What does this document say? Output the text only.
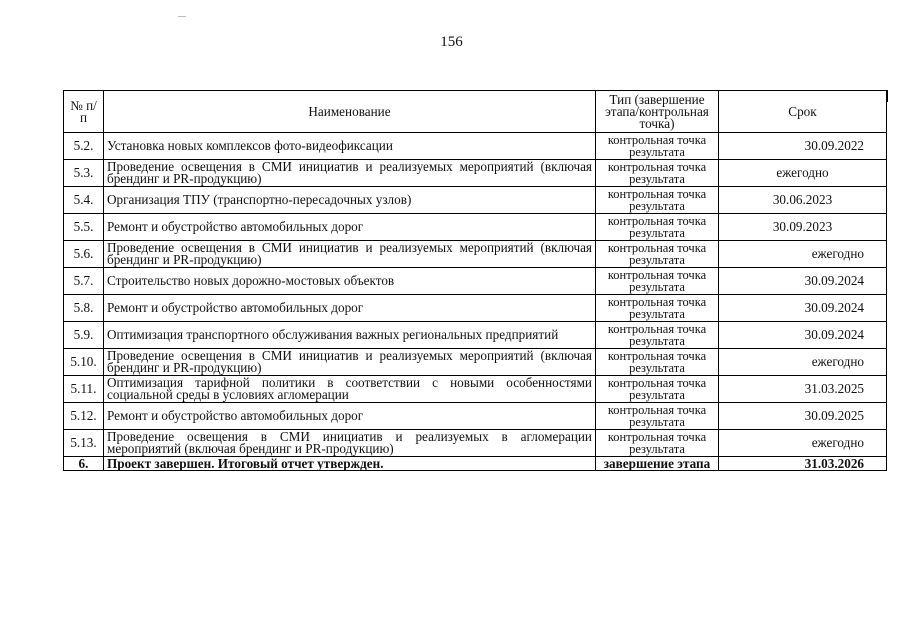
156
№ п/п	Наименование	Тип (завершение этапа/контрольная точка)	Срок
5.2.	Установка новых комплексов фото-видеофиксации	контрольная точка результата	30.09.2022
5.3.	Проведение освещения в СМИ инициатив и реализуемых мероприятий (включая брендинг и PR-продукцию)	контрольная точка результата	ежегодно
5.4.	Организация ТПУ (транспортно-пересадочных узлов)	контрольная точка результата	30.06.2023
5.5.	Ремонт и обустройство автомобильных дорог	контрольная точка результата	30.09.2023
5.6.	Проведение освещения в СМИ инициатив и реализуемых мероприятий (включая брендинг и PR-продукцию)	контрольная точка результата	ежегодно
5.7.	Строительство новых дорожно-мостовых объектов	контрольная точка результата	30.09.2024
5.8.	Ремонт и обустройство автомобильных дорог	контрольная точка результата	30.09.2024
5.9.	Оптимизация транспортного обслуживания важных региональных предприятий	контрольная точка результата	30.09.2024
5.10.	Проведение освещения в СМИ инициатив и реализуемых мероприятий (включая брендинг и PR-продукцию)	контрольная точка результата	ежегодно
5.11.	Оптимизация тарифной политики в соответствии с новыми особенностями социальной среды в условиях агломерации	контрольная точка результата	31.03.2025
5.12.	Ремонт и обустройство автомобильных дорог	контрольная точка результата	30.09.2025
5.13.	Проведение освещения в СМИ инициатив и реализуемых в агломерации мероприятий (включая брендинг и PR-продукцию)	контрольная точка результата	ежегодно
6.	Проект завершен. Итоговый отчет утвержден.	завершение этапа	31.03.2026
